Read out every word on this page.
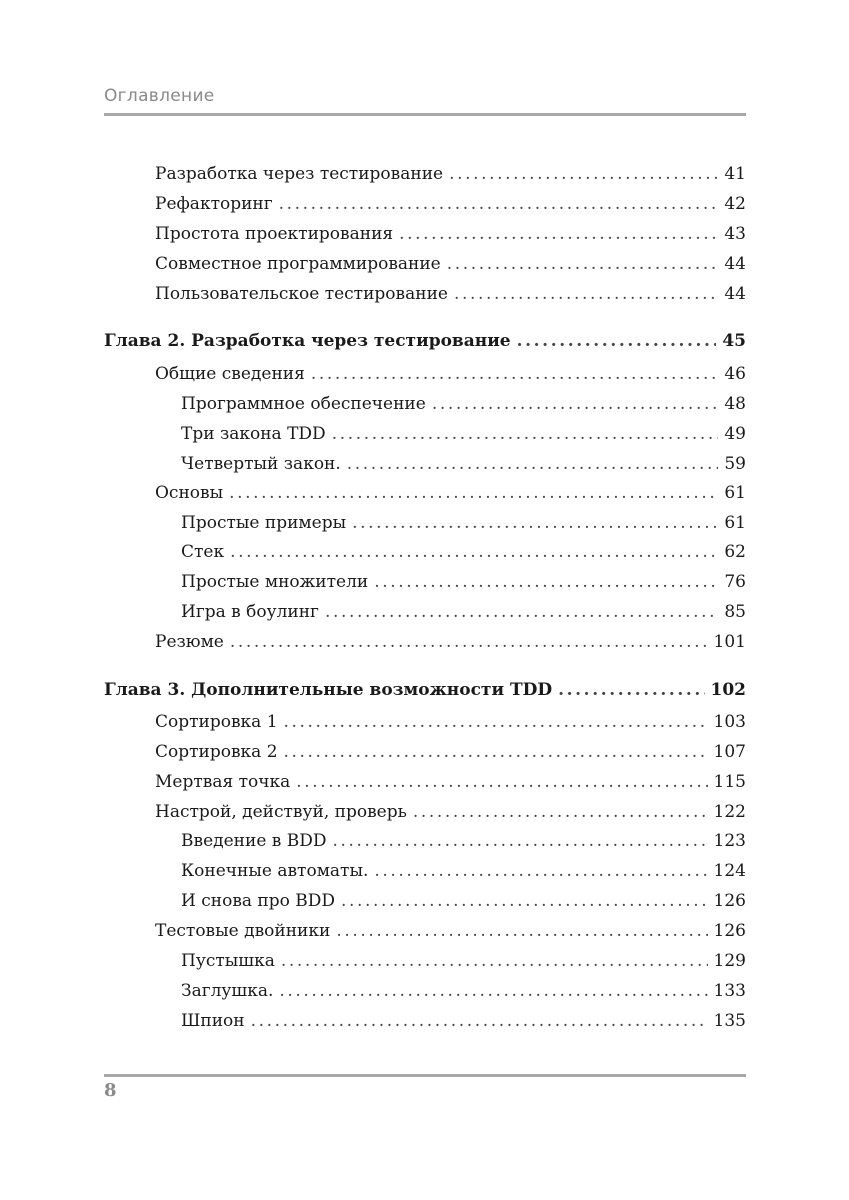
Оглавление
Разработка через тестирование .....	41
Рефакторинг .....	42
Простота проектирования .....	43
Совместное программирование .....	44
Пользовательское тестирование .....	44
Глава 2. Разработка через тестирование .....	45
Общие сведения .....	46
Программное обеспечение .....	48
Три закона TDD .....	49
Четвертый закон. .....	59
Основы .....	61
Простые примеры .....	61
Стек .....	62
Простые множители .....	76
Игра в боулинг .....	85
Резюме .....	101
Глава 3. Дополнительные возможности TDD .....	102
Сортировка 1 .....	103
Сортировка 2 .....	107
Мертвая точка .....	115
Настрой, действуй, проверь .....	122
Введение в BDD .....	123
Конечные автоматы. .....	124
И снова про BDD .....	126
Тестовые двойники .....	126
Пустышка .....	129
Заглушка. .....	133
Шпион .....	135
8
